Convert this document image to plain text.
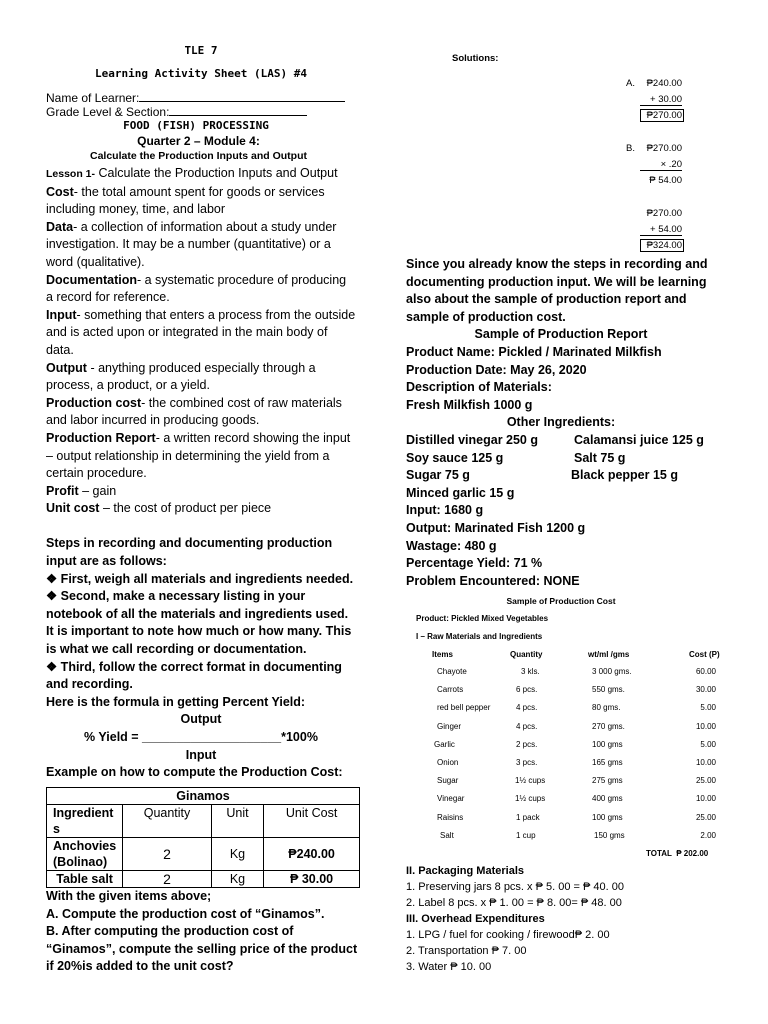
TLE 7
Learning Activity Sheet (LAS) #4
Name of Learner:
Grade Level & Section:
FOOD (FISH) PROCESSING
Quarter 2 – Module 4:
Calculate the Production Inputs and Output
Lesson 1- Calculate the Production Inputs and Output
Cost- the total amount spent for goods or services including money, time, and labor
Data- a collection of information about a study under investigation. It may be a number (quantitative) or a word (qualitative).
Documentation- a systematic procedure of producing a record for reference.
Input- something that enters a process from the outside and is acted upon or integrated in the main body of data.
Output - anything produced especially through a process, a product, or a yield.
Production cost- the combined cost of raw materials and labor incurred in producing goods.
Production Report- a written record showing the input – output relationship in determining the yield from a certain procedure.
Profit – gain
Unit cost – the cost of product per piece
Steps in recording and documenting production input are as follows:
❖ First, weigh all materials and ingredients needed.
❖ Second, make a necessary listing in your notebook of all the materials and ingredients used. It is important to note how much or how many. This is what we call recording or documentation.
❖ Third, follow the correct format in documenting and recording.
Here is the formula in getting Percent Yield:
Output
% Yield = ____________________*100%
Input
Example on how to compute the Production Cost:
Ginamos			
Ingredient s	Quantity	Unit	Unit Cost
Anchovies (Bolinao)	2	Kg	₱240.00
Table salt	2	Kg	₱ 30.00
With the given items above;
A. Compute the production cost of “Ginamos”.
B. After computing the production cost of “Ginamos”, compute the selling price of the product if 20%is added to the unit cost?
Solutions:
A.	₱240.00
+ 30.00
₱270.00
B.	₱270.00
× .20
₱ 54.00
₱270.00
+ 54.00
₱324.00
Since you already know the steps in recording and documenting production input. We will be learning also about the sample of production report and sample of production cost.
Sample of Production Report
Product Name: Pickled / Marinated Milkfish
Production Date: May 26, 2020
Description of Materials:
Fresh Milkfish 1000 g
Other Ingredients:
Distilled vinegar 250 g	Calamansi juice 125 g
Soy sauce 125 g	Salt 75 g
Sugar 75 g	Black pepper 15 g
Minced garlic 15 g
Input: 1680 g
Output: Marinated Fish 1200 g
Wastage: 480 g
Percentage Yield: 71 %
Problem Encountered: NONE
Sample of Production Cost
Product: Pickled Mixed Vegetables
I – Raw Materials and Ingredients
Items	Quantity	wt/ml /gms	Cost (P)
Chayote	3 kls.	3 000 gms.	60.00
Carrots	6 pcs.	550 gms.	30.00
red bell pepper	4 pcs.	80 gms.	5.00
Ginger	4 pcs.	270 gms.	10.00
Garlic	2 pcs.	100 gms	5.00
Onion	3 pcs.	165 gms	10.00
Sugar	1½ cups	275 gms	25.00
Vinegar	1½ cups	400 gms	10.00
Raisins	1 pack	100 gms	25.00
Salt	1 cup	150 gms	2.00
TOTAL  ₱ 202.00
II. Packaging Materials
1. Preserving jars 8 pcs. x ₱ 5. 00 = ₱ 40. 00
2. Label 8 pcs. x ₱ 1. 00 = ₱ 8. 00= ₱ 48. 00
III. Overhead Expenditures
1. LPG / fuel for cooking / firewood₱ 2. 00
2. Transportation ₱ 7. 00
3. Water ₱ 10. 00
